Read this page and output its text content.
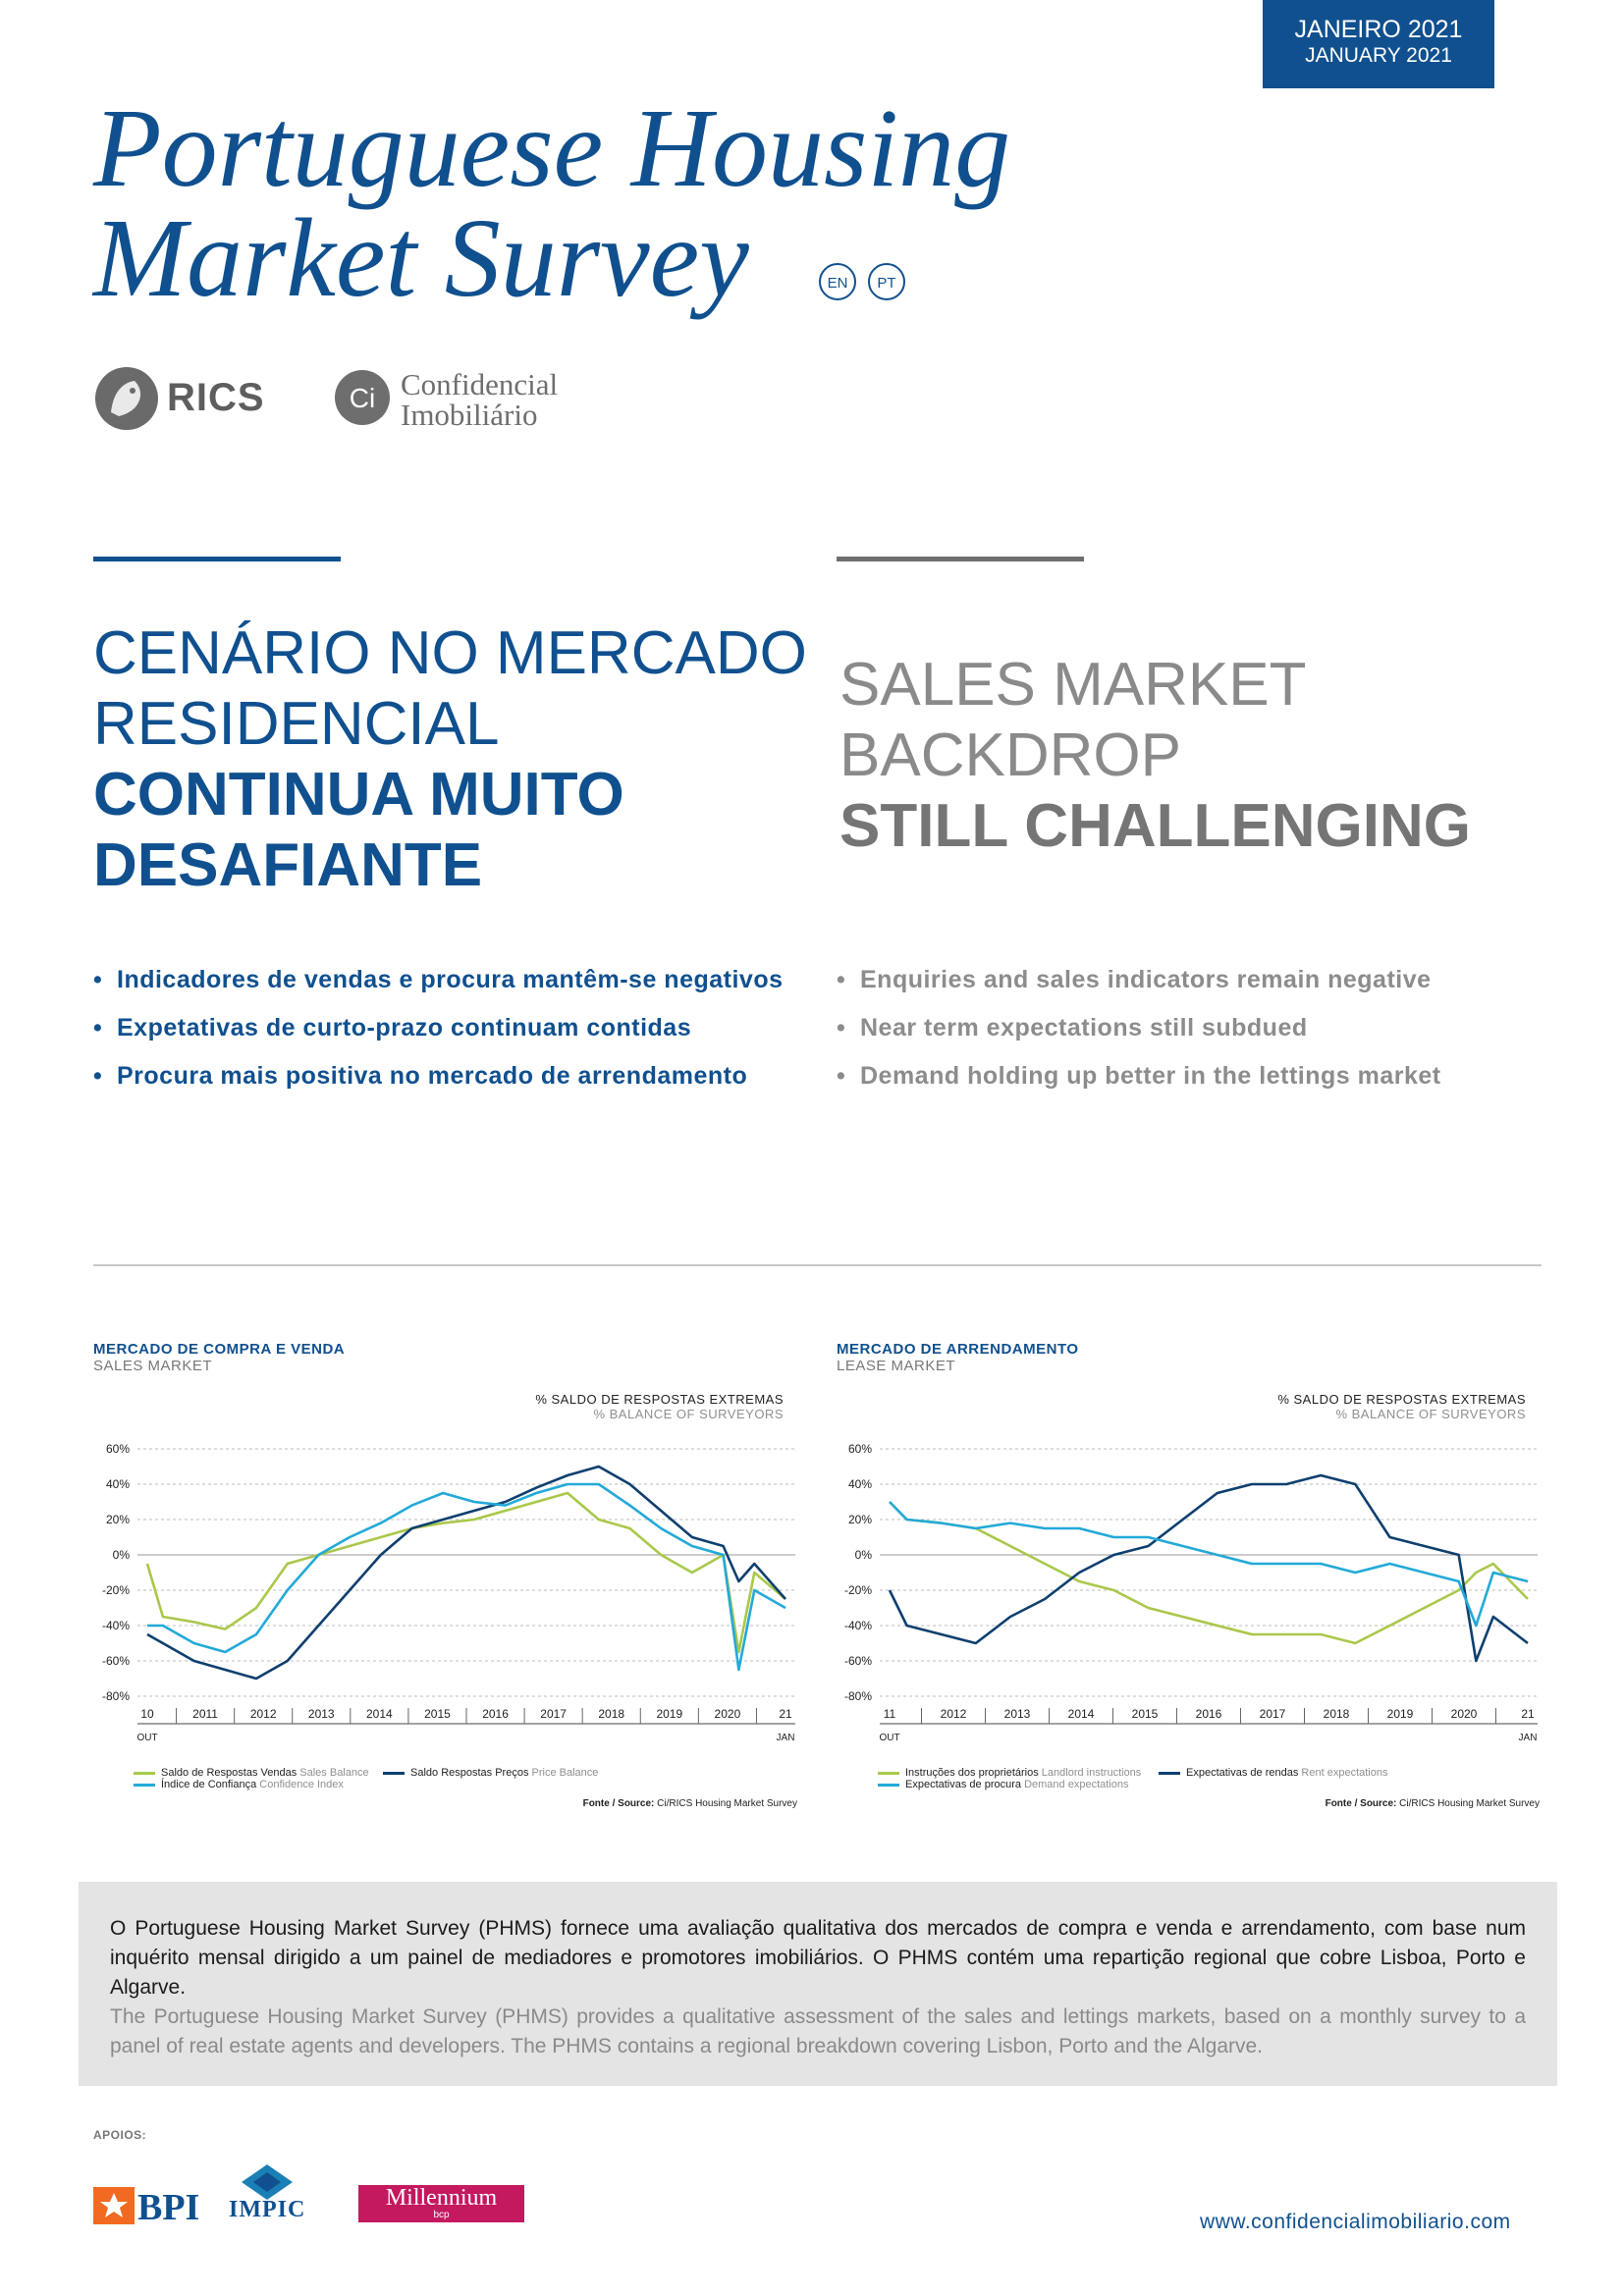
JANEIRO 2021
JANUARY 2021
Portuguese Housing
Market Survey	EN	PT
RICS	Ci Confidencial
Imobiliário
CENÁRIO NO MERCADO
RESIDENCIAL
CONTINUA MUITO
DESAFIANTE
SALES MARKET
BACKDROP
STILL CHALLENGING
• Indicadores de vendas e procura mantêm-se negativos
• Expetativas de curto-prazo continuam contidas
• Procura mais positiva no mercado de arrendamento
• Enquiries and sales indicators remain negative
• Near term expectations still subdued
• Demand holding up better in the lettings market
MERCADO DE COMPRA E VENDA
SALES MARKET
% SALDO DE RESPOSTAS EXTREMAS
% BALANCE OF SURVEYORS
60%
40%
20%
0%
-20%
-40%
-60%
-80%
10	2011	2012	2013	2014	2015	2016	2017	2018	2019	2020	21
OUT	JAN
Saldo de Respostas Vendas Sales Balance
Índice de Confiança Confidence Index
Saldo Respostas Preços Price Balance
Fonte / Source: Ci/RICS Housing Market Survey
MERCADO DE ARRENDAMENTO
LEASE MARKET
% SALDO DE RESPOSTAS EXTREMAS
% BALANCE OF SURVEYORS
60%
40%
20%
0%
-20%
-40%
-60%
-80%
11	2012	2013	2014	2015	2016	2017	2018	2019	2020	21
OUT	JAN
Instruções dos proprietários Landlord instructions
Expectativas de procura Demand expectations
Expectativas de rendas Rent expectations
Fonte / Source: Ci/RICS Housing Market Survey
O Portuguese Housing Market Survey (PHMS) fornece uma avaliação qualitativa dos mercados de compra e venda e arrendamento, com base num inquérito mensal dirigido a um painel de mediadores e promotores imobiliários. O PHMS contém uma repartição regional que cobre Lisboa, Porto e Algarve.
The Portuguese Housing Market Survey (PHMS) provides a qualitative assessment of the sales and lettings markets, based on a monthly survey to a panel of real estate agents and developers. The PHMS contains a regional breakdown covering Lisbon, Porto and the Algarve.
APOIOS:
BPI IMPIC	Millennium
bcp	www.confidencialimobiliario.com
